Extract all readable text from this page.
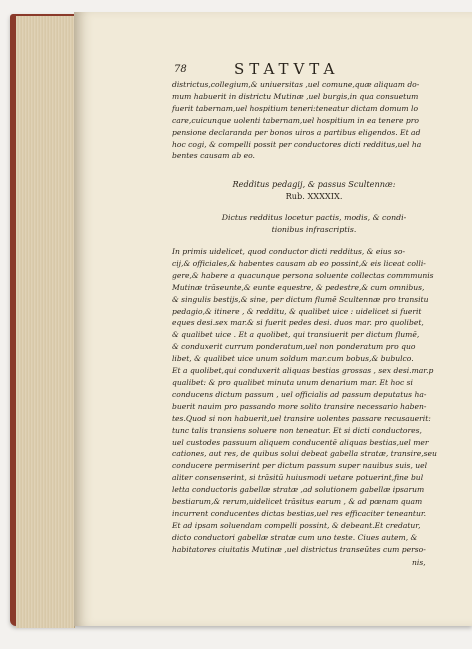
78	STATVTA

districtus,collegium,& uniuersitas ,uel comune,quæ aliquam do-
mum habuerit in districtu Mutinæ ,uel burgis,in qua consuetum
fuerit tabernam,uel hospitium teneri:teneatur dictam domum lo
care,cuicunque uolenti tabernam,uel hospitium in ea tenere pro
pensione declaranda per bonos uiros a partibus eligendos. Et ad
hoc cogi, & compelli possit per conductores dicti redditus,uel ha
bentes causam ab eo.

Redditus pedagij, & passus Scultennæ:
Rub. XXXXIX.
Dictus redditus locetur pactis, modis, & condi-
tionibus infrascriptis.

In primis uidelicet, quod conductor dicti redditus, & eius so-
cij,& officiales,& habentes causam ab eo possint,& eis liceat colli-
gere,& habere a quacunque persona soluente collectas commmunis
Mutinæ trāseunte,& eunte equestre, & pedestre,& cum omnibus,
& singulis bestijs,& sine, per dictum flumē Scultennæ pro transitu
pedagio,& itinere , & redditu, & qualibet uice : uidelicet si fuerit
eques desi.sex mar.& si fuerit pedes desi. duos mar. pro quolibet,
& qualibet uice . Et a quolibet, qui transiuerit per dictum flumē,
& conduxerit currum ponderatum,uel non ponderatum pro quo
libet, & qualibet uice unum soldum mar.cum bobus,& bubulco.
Et a quolibet,qui conduxerit aliquas bestias grossas , sex desi.mar.p
qualibet: & pro qualibet minuta unum denarium mar. Et hoc si
conducens dictum passum , uel officialis ad passum deputatus ha-
buerit nauim pro passando more solito transire necessario haben-
tes.Quod si non habuerit,uel transire uolentes passare recusauerit:
tunc talis transiens soluere non teneatur. Et si dicti conductores,
uel custodes passuum aliquem conducentē aliquas bestias,uel mer
cationes, aut res, de quibus solui debeat gabella stratæ, transire,seu
conducere permiserint per dictum passum super nauibus suis, uel
aliter consenserint, si trāsitū huiusmodi uetare potuerint,fine bul
letta conductoris gabellæ stratæ ,ad solutionem gabellæ ipsarum
bestiarum,& rerum,uidelicet trāsitus earum , & ad pœnam quam
incurrent conducentes dictas bestias,uel res efficaciter teneantur.
Et ad ipsam soluendam compelli possint, & debeant.Et credatur,
dicto conductori gabellæ stratæ cum uno teste. Ciues autem, &
habitatores ciuitatis Mutinæ ,uel districtus transeūtes cum perso-

nis,
